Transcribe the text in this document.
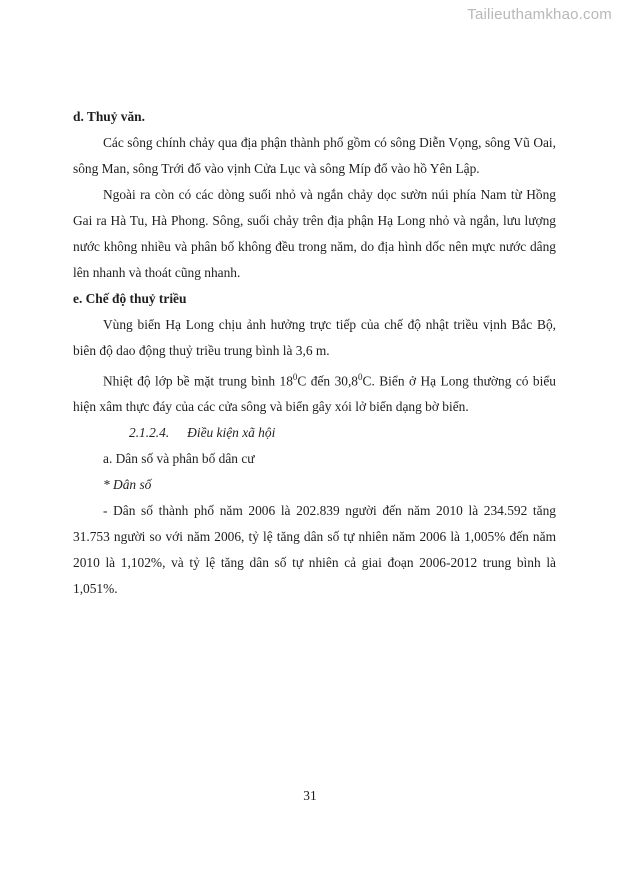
Tailieuthamkhao.com

d. Thuỷ văn.

Các sông chính chảy qua địa phận thành phố gồm có sông Diễn Vọng, sông Vũ Oai, sông Man, sông Trới đổ vào vịnh Cửa Lục và sông Míp đổ vào hồ Yên Lập.

Ngoài ra còn có các dòng suối nhỏ và ngắn chảy dọc sườn núi phía Nam từ Hồng Gai ra Hà Tu, Hà Phong. Sông, suối chảy trên địa phận Hạ Long nhỏ và ngắn, lưu lượng nước không nhiều và phân bố không đều trong năm, do địa hình dốc nên mực nước dâng lên nhanh và thoát cũng nhanh.

e. Chế độ thuỷ triều

Vùng biển Hạ Long chịu ảnh hưởng trực tiếp của chế độ nhật triều vịnh Bắc Bộ, biên độ dao động thuỷ triều trung bình là 3,6 m.

Nhiệt độ lớp bề mặt trung bình $18^0C$ đến 30,8$^0$C. Biển ở Hạ Long thường có biểu hiện xâm thực đáy của các cửa sông và biển gây xói lở biển dạng bờ biển.

2.1.2.4. Điều kiện xã hội

a. Dân số và phân bố dân cư

* Dân số

- Dân số thành phố năm 2006 là 202.839 người đến năm 2010 là 234.592 tăng 31.753 người so với năm 2006, tỷ lệ tăng dân số tự nhiên năm 2006 là 1,005% đến năm 2010 là 1,102%, và tỷ lệ tăng dân số tự nhiên cả giai đoạn 2006-2012 trung bình là 1,051%.

31
